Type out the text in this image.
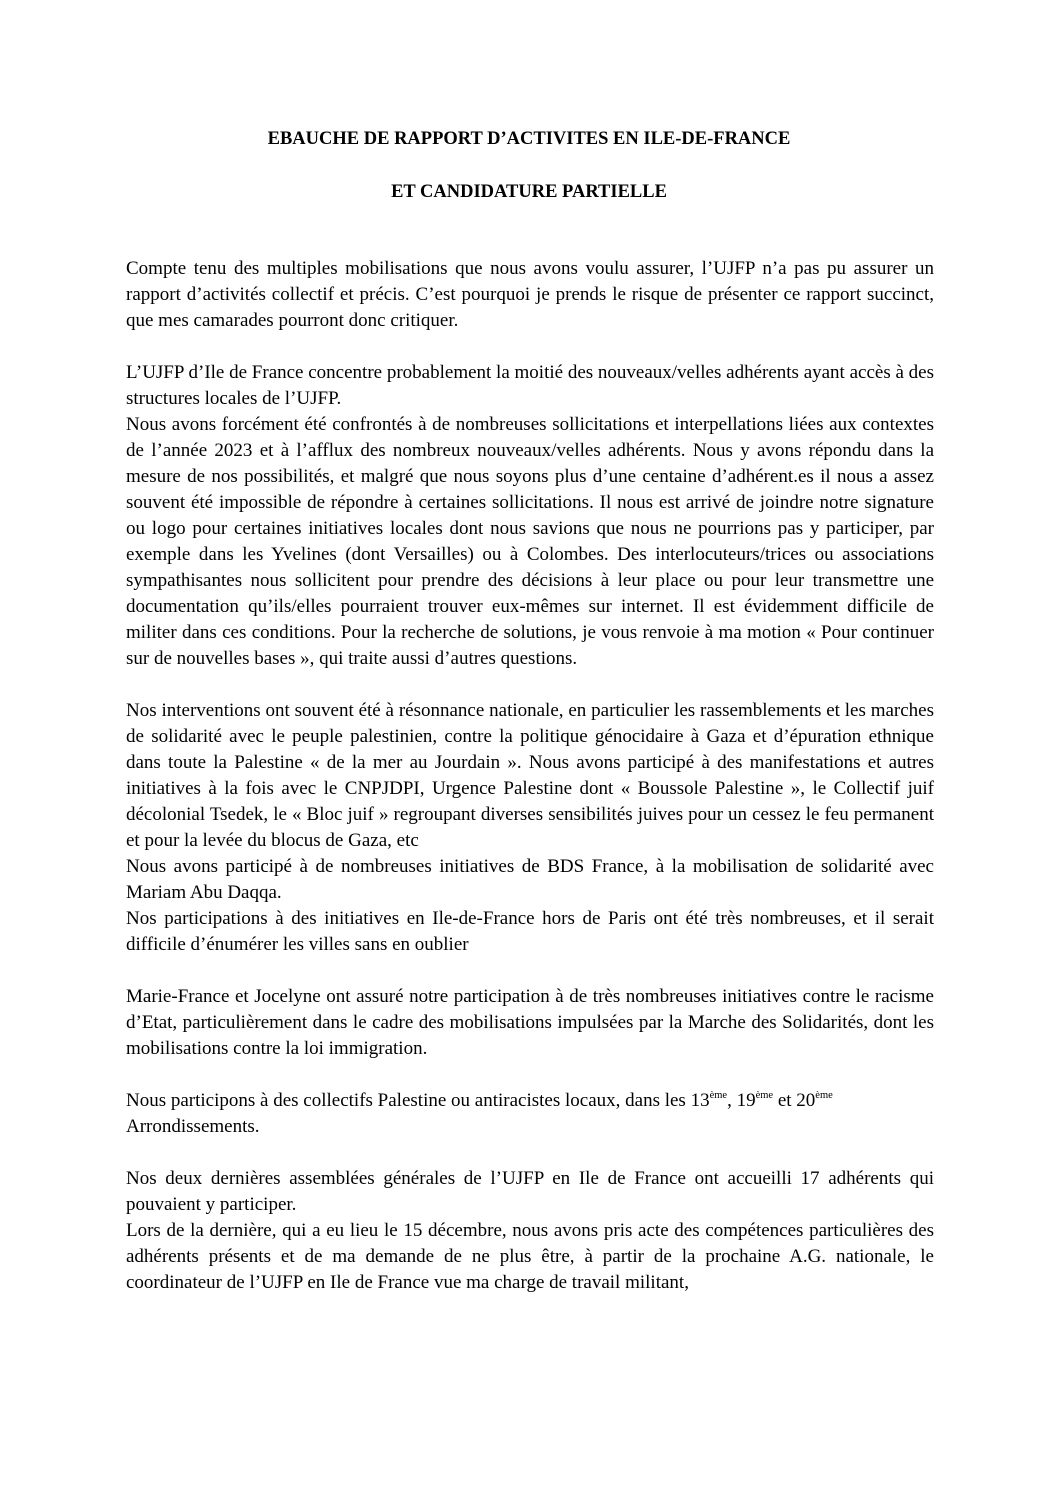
EBAUCHE DE RAPPORT D’ACTIVITES EN ILE-DE-FRANCE

ET CANDIDATURE PARTIELLE

Compte tenu des multiples mobilisations que nous avons voulu assurer, l’UJFP n’a pas pu assurer un rapport d’activités collectif et précis. C’est pourquoi je prends le risque de présenter ce rapport succinct, que mes camarades pourront donc critiquer.

L’UJFP d’Ile de France concentre probablement la moitié des nouveaux/velles adhérents ayant accès à des structures locales de l’UJFP.

Nous avons forcément été confrontés à de nombreuses sollicitations et interpellations liées aux contextes de l’année 2023 et à l’afflux des nombreux nouveaux/velles adhérents. Nous y avons répondu dans la mesure de nos possibilités, et malgré que nous soyons plus d’une centaine d’adhérent.es il nous a assez souvent été impossible de répondre à certaines sollicitations. Il nous est arrivé de joindre notre signature ou logo pour certaines initiatives locales dont nous savions que nous ne pourrions pas y participer, par exemple dans les Yvelines (dont Versailles) ou à Colombes. Des interlocuteurs/trices ou associations sympathisantes nous sollicitent pour prendre des décisions à leur place ou pour leur transmettre une documentation qu’ils/elles pourraient trouver eux-mêmes sur internet. Il est évidemment difficile de militer dans ces conditions. Pour la recherche de solutions, je vous renvoie à ma motion « Pour continuer sur de nouvelles bases », qui traite aussi d’autres questions.

Nos interventions ont souvent été à résonnance nationale, en particulier les rassemblements et les marches de solidarité avec le peuple palestinien, contre la politique génocidaire à Gaza et d’épuration ethnique dans toute la Palestine « de la mer au Jourdain ». Nous avons participé à des manifestations et autres initiatives à la fois avec le CNPJDPI, Urgence Palestine dont « Boussole Palestine », le Collectif juif décolonial Tsedek, le « Bloc juif » regroupant diverses sensibilités juives pour un cessez le feu permanent et pour la levée du blocus de Gaza, etc

Nous avons participé à de nombreuses initiatives de BDS France, à la mobilisation de solidarité avec Mariam Abu Daqqa.

Nos participations à des initiatives en Ile-de-France hors de Paris ont été très nombreuses, et il serait difficile d’énumérer les villes sans en oublier

Marie-France et Jocelyne ont assuré notre participation à de très nombreuses initiatives contre le racisme d’Etat, particulièrement dans le cadre des mobilisations impulsées par la Marche des Solidarités, dont les mobilisations contre la loi immigration.

Nous participons à des collectifs Palestine ou antiracistes locaux, dans les 13ème, 19ème et 20ème
Arrondissements.

Nos deux dernières assemblées générales de l’UJFP en Ile de France ont accueilli 17 adhérents qui pouvaient y participer.

Lors de la dernière, qui a eu lieu le 15 décembre, nous avons pris acte des compétences particulières des adhérents présents et de ma demande de ne plus être, à partir de la prochaine A.G. nationale, le coordinateur de l’UJFP en Ile de France vue ma charge de travail militant,
